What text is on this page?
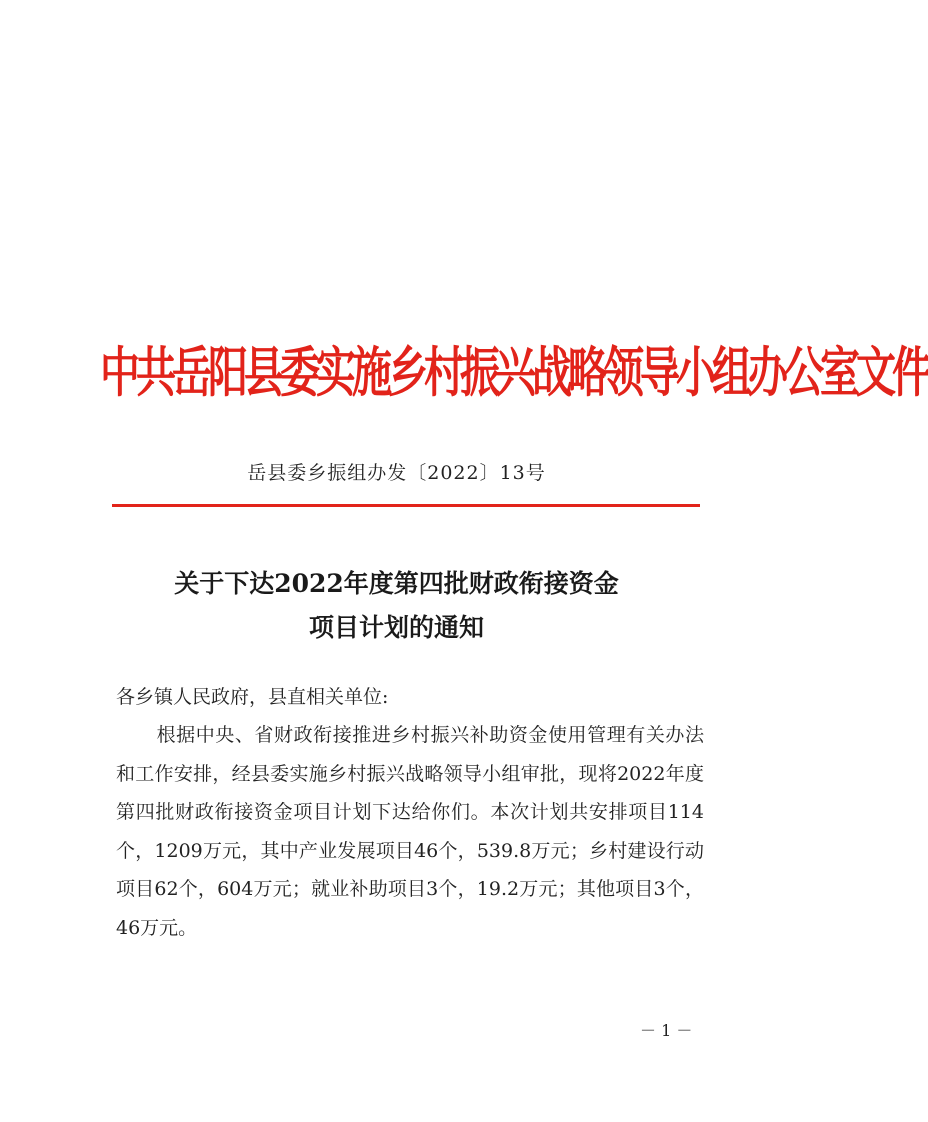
中共岳阳县委实施乡村振兴战略领导小组办公室文件
岳县委乡振组办发〔2022〕13号
关于下达2022年度第四批财政衔接资金
项目计划的通知
各乡镇人民政府，县直相关单位:
根据中央、省财政衔接推进乡村振兴补助资金使用管理有关办法和工作安排，经县委实施乡村振兴战略领导小组审批，现将2022年度第四批财政衔接资金项目计划下达给你们。本次计划共安排项目114个，1209万元，其中产业发展项目46个，539.8万元；乡村建设行动项目62个，604万元；就业补助项目3个，19.2万元；其他项目3个，46万元。
－ 1 －
